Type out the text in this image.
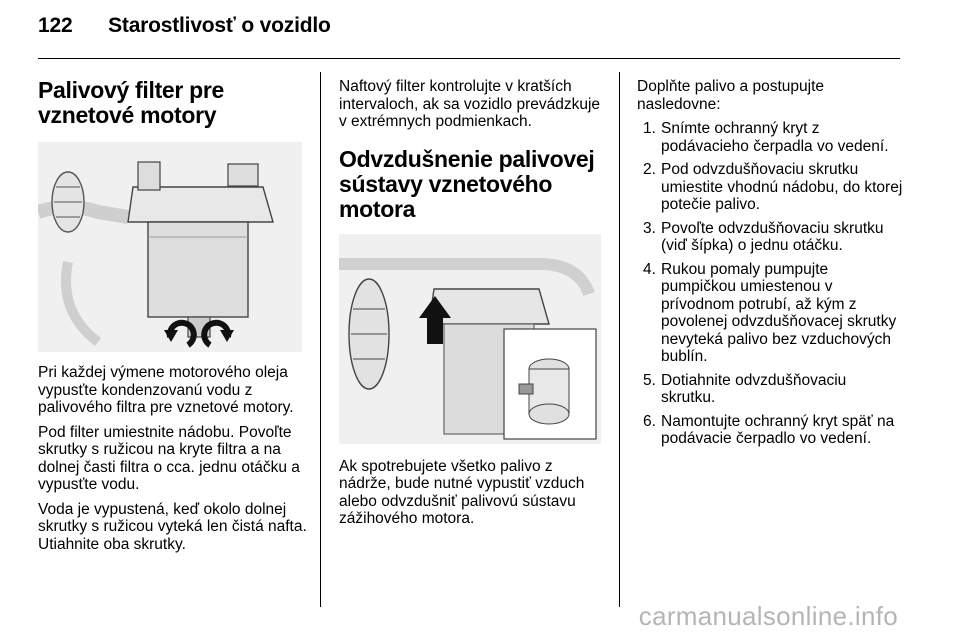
122 Starostlivosť o vozidlo
Palivový filter pre vznetové motory

Pri každej výmene motorového oleja vypusťte kondenzovanú vodu z palivového filtra pre vznetové motory.

Pod filter umiestnite nádobu. Povoľte skrutky s ružicou na kryte filtra a na dolnej časti filtra o cca. jednu otáčku a vypusťte vodu.

Voda je vypustená, keď okolo dolnej skrutky s ružicou vyteká len čistá nafta. Utiahnite oba skrutky.

Naftový filter kontrolujte v kratších intervaloch, ak sa vozidlo prevádzkuje v extrémnych podmienkach.

Odvzdušnenie palivovej sústavy vznetového motora

Ak spotrebujete všetko palivo z nádrže, bude nutné vypustiť vzduch alebo odvzdušniť palivovú sústavu zážihového motora.

Doplňte palivo a postupujte nasledovne:

1. Snímte ochranný kryt z podávacieho čerpadla vo vedení.
2. Pod odvzdušňovaciu skrutku umiestite vhodnú nádobu, do ktorej potečie palivo.
3. Povoľte odvzdušňovaciu skrutku (viď šípka) o jednu otáčku.
4. Rukou pomaly pumpujte pumpičkou umiestenou v prívodnom potrubí, až kým z povolenej odvzdušňovacej skrutky nevyteká palivo bez vzduchových bublín.
5. Dotiahnite odvzdušňovaciu skrutku.
6. Namontujte ochranný kryt späť na podávacie čerpadlo vo vedení.
carmanualsonline.info
